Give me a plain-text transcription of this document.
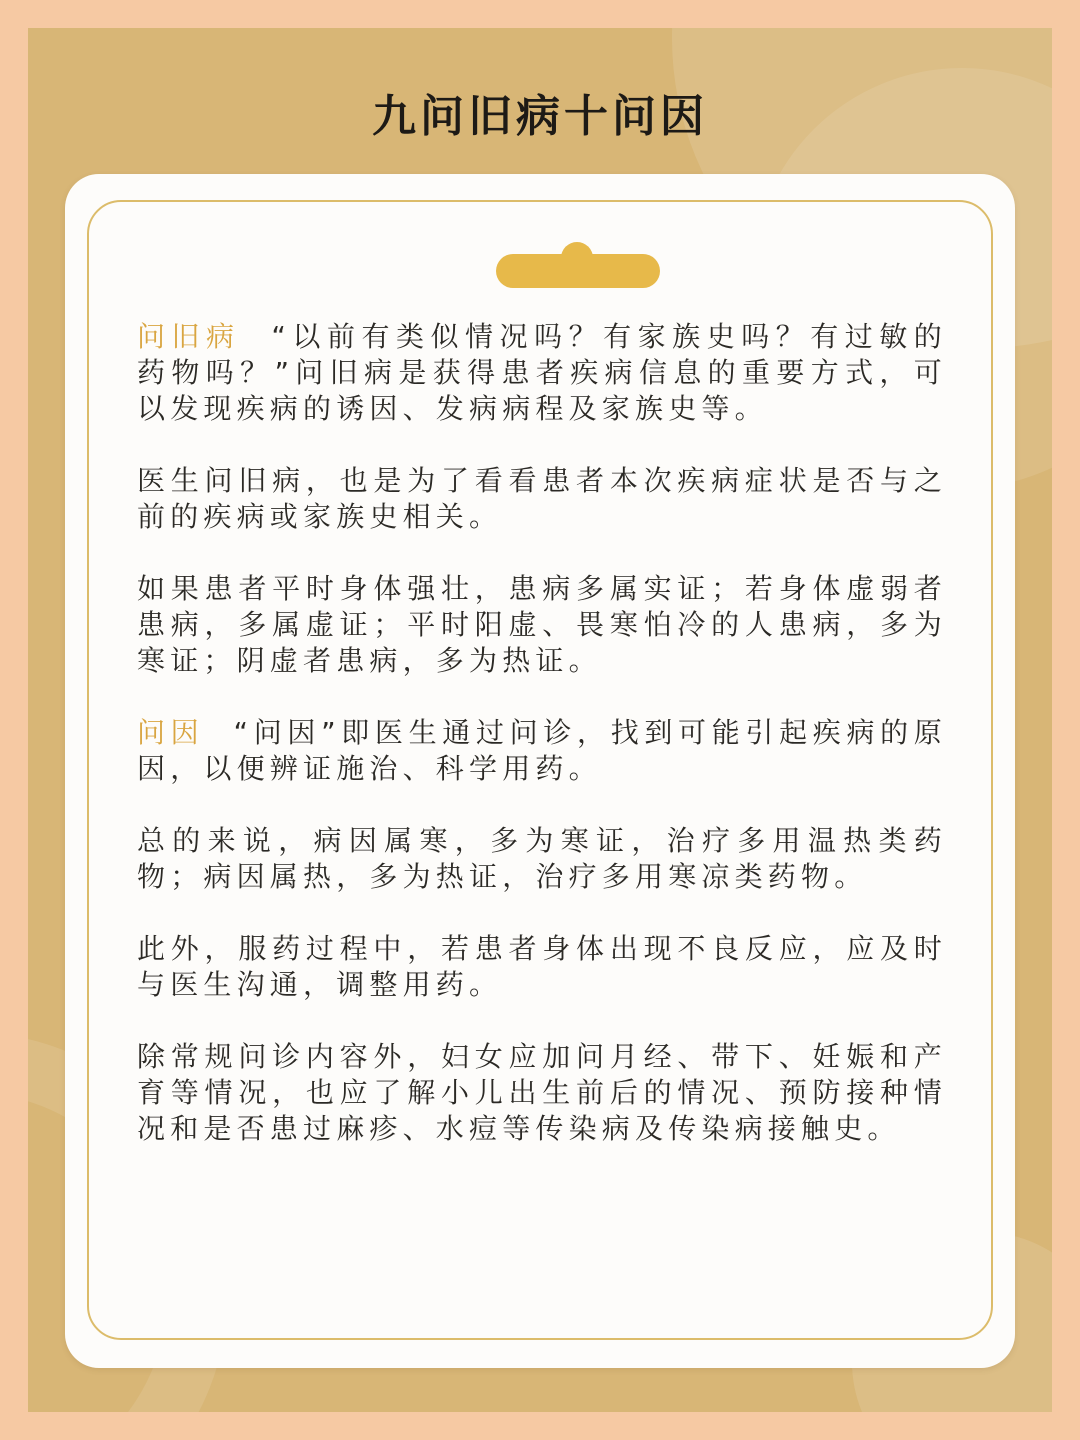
九问旧病十问因

问旧病 “以前有类似情况吗？有家族史吗？有过敏的药物吗？”问旧病是获得患者疾病信息的重要方式，可以发现疾病的诱因、发病病程及家族史等。

医生问旧病，也是为了看看患者本次疾病症状是否与之前的疾病或家族史相关。

如果患者平时身体强壮，患病多属实证；若身体虚弱者患病，多属虚证；平时阳虚、畏寒怕冷的人患病，多为寒证；阴虚者患病，多为热证。

问因 “问因”即医生通过问诊，找到可能引起疾病的原因，以便辨证施治、科学用药。

总的来说，病因属寒，多为寒证，治疗多用温热类药物；病因属热，多为热证，治疗多用寒凉类药物。

此外，服药过程中，若患者身体出现不良反应，应及时与医生沟通，调整用药。

除常规问诊内容外，妇女应加问月经、带下、妊娠和产育等情况，也应了解小儿出生前后的情况、预防接种情况和是否患过麻疹、水痘等传染病及传染病接触史。
